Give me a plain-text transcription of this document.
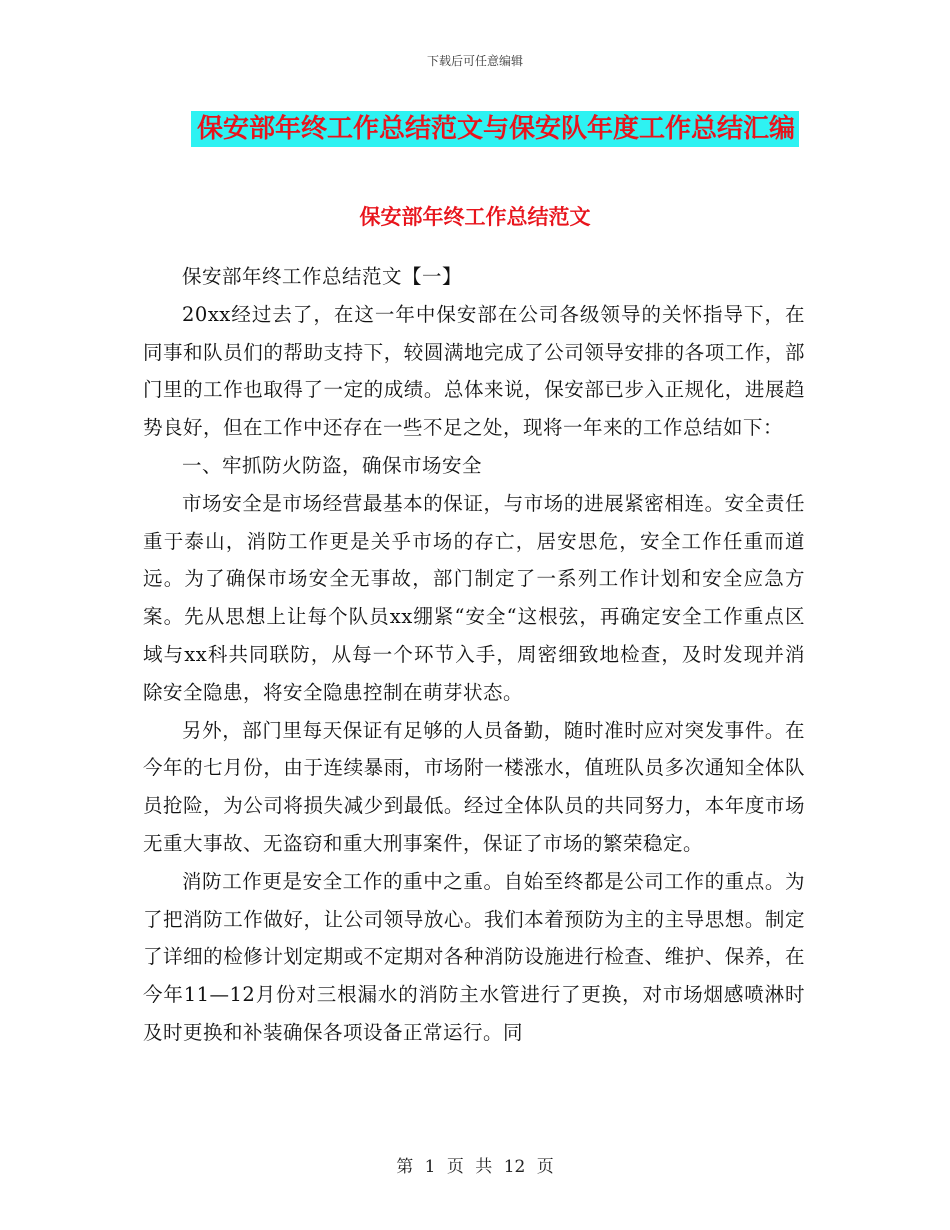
下载后可任意编辑
保安部年终工作总结范文与保安队年度工作总结汇编
保安部年终工作总结范文

保安部年终工作总结范文【一】

20xx经过去了，在这一年中保安部在公司各级领导的关怀指导下，在同事和队员们的帮助支持下，较圆满地完成了公司领导安排的各项工作，部门里的工作也取得了一定的成绩。总体来说，保安部已步入正规化，进展趋势良好，但在工作中还存在一些不足之处，现将一年来的工作总结如下：

一、牢抓防火防盗，确保市场安全

市场安全是市场经营最基本的保证，与市场的进展紧密相连。安全责任重于泰山，消防工作更是关乎市场的存亡，居安思危，安全工作任重而道远。为了确保市场安全无事故，部门制定了一系列工作计划和安全应急方案。先从思想上让每个队员xx绷紧“安全“这根弦，再确定安全工作重点区域与xx科共同联防，从每一个环节入手，周密细致地检查，及时发现并消除安全隐患，将安全隐患控制在萌芽状态。

另外，部门里每天保证有足够的人员备勤，随时准时应对突发事件。在今年的七月份，由于连续暴雨，市场附一楼涨水，值班队员多次通知全体队员抢险，为公司将损失减少到最低。经过全体队员的共同努力，本年度市场无重大事故、无盗窃和重大刑事案件，保证了市场的繁荣稳定。

消防工作更是安全工作的重中之重。自始至终都是公司工作的重点。为了把消防工作做好，让公司领导放心。我们本着预防为主的主导思想。制定了详细的检修计划定期或不定期对各种消防设施进行检查、维护、保养，在今年11—12月份对三根漏水的消防主水管进行了更换，对市场烟感喷淋时及时更换和补装确保各项设备正常运行。同

第 1 页 共 12 页
